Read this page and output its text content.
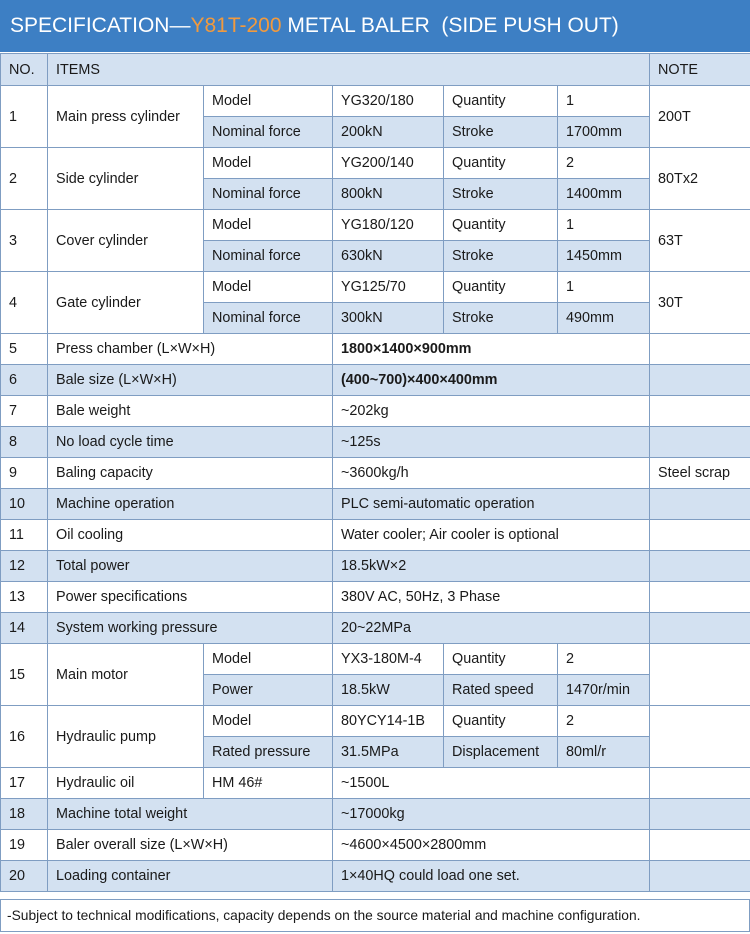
SPECIFICATION—Y81T-200 METAL BALER  (SIDE PUSH OUT)
NO.	ITEMS					NOTE
1	Main press cylinder	Model	YG320/180	Quantity	1	200T
		Nominal force	200kN	Stroke	1700mm	
2	Side cylinder	Model	YG200/140	Quantity	2	80Tx2
		Nominal force	800kN	Stroke	1400mm	
3	Cover cylinder	Model	YG180/120	Quantity	1	63T
		Nominal force	630kN	Stroke	1450mm	
4	Gate cylinder	Model	YG125/70	Quantity	1	30T
		Nominal force	300kN	Stroke	490mm	
5	Press chamber (L×W×H)		1800×1400×900mm			
6	Bale size (L×W×H)		(400~700)×400×400mm			
7	Bale weight		~202kg			
8	No load cycle time		~125s			
9	Baling capacity		~3600kg/h			Steel scrap
10	Machine operation		PLC semi-automatic operation			
11	Oil cooling		Water cooler; Air cooler is optional			
12	Total power		18.5kW×2			
13	Power specifications		380V AC, 50Hz, 3 Phase			
14	System working pressure		20~22MPa			
15	Main motor	Model	YX3-180M-4	Quantity	2	
		Power	18.5kW	Rated speed	1470r/min	
16	Hydraulic pump	Model	80YCY14-1B	Quantity	2	
		Rated pressure	31.5MPa	Displacement	80ml/r	
17	Hydraulic oil	HM 46#	~1500L			
18	Machine total weight		~17000kg			
19	Baler overall size (L×W×H)		~4600×4500×2800mm			
20	Loading container		1×40HQ could load one set.			
-Subject to technical modifications, capacity depends on the source material and machine configuration.
